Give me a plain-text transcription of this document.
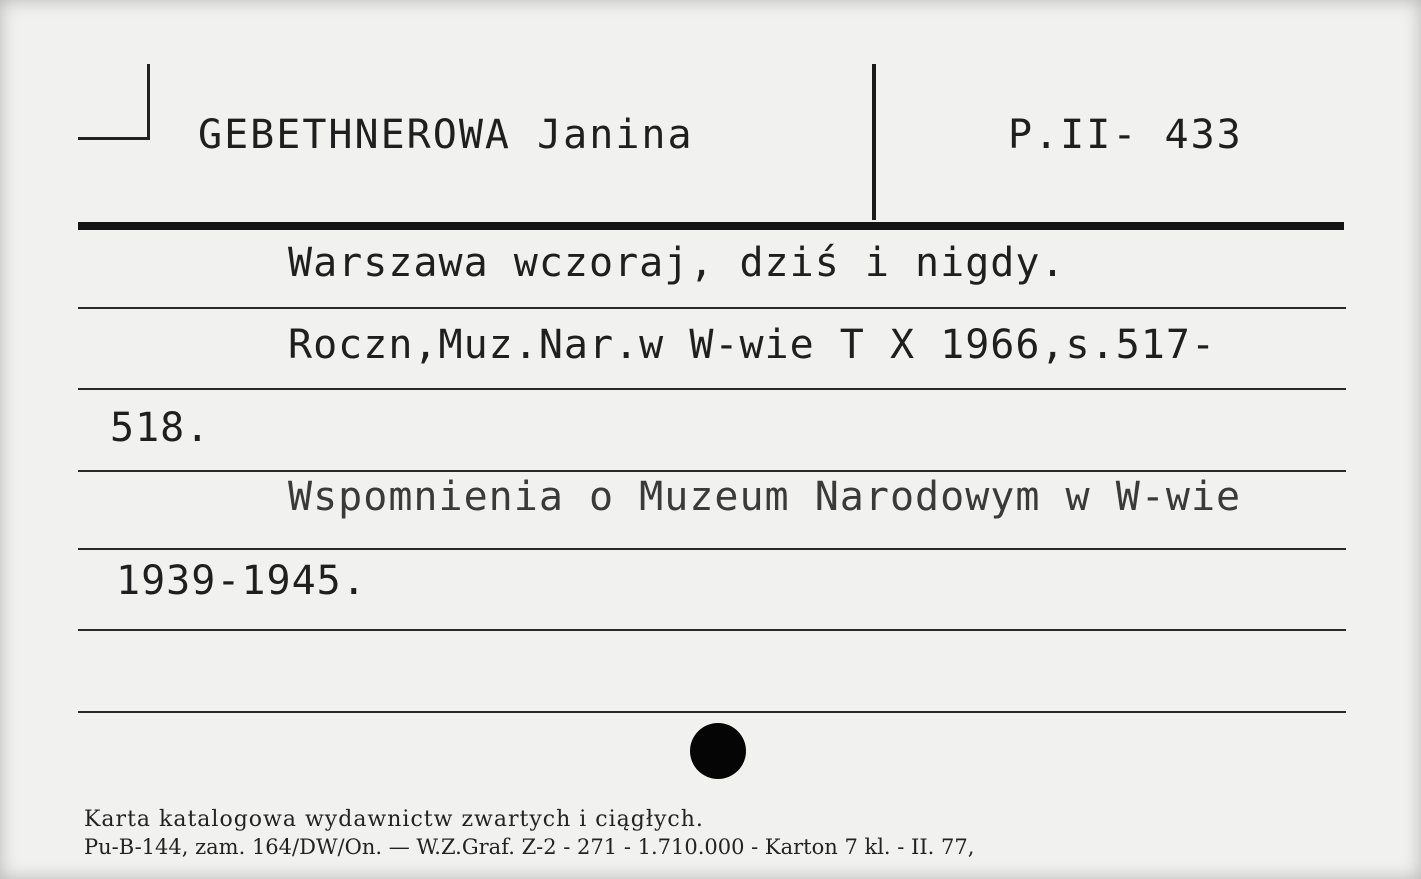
GEBETHNEROWA Janina	P.II- 433
Warszawa wczoraj, dziś i nigdy.
Roczn,Muz.Nar.w W-wie T X 1966,s.517-
518.
Wspomnienia o Muzeum Narodowym w W-wie
1939-1945.
Karta katalogowa wydawnictw zwartych i ciągłych.
Pu-B-144, zam. 164/DW/On. — W.Z.Graf. Z-2 - 271 - 1.710.000 - Karton 7 kl. - II. 77,
